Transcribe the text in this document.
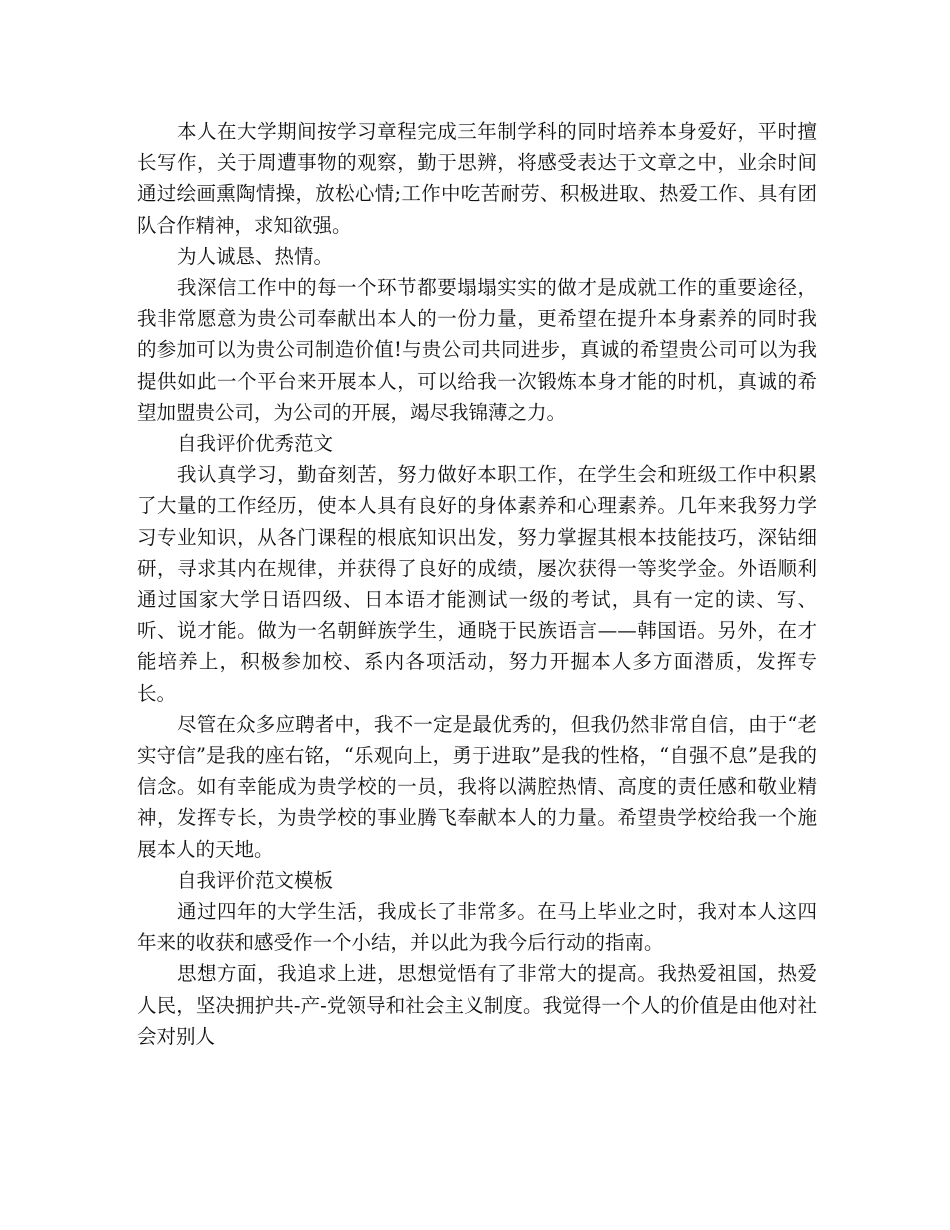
本人在大学期间按学习章程完成三年制学科的同时培养本身爱好，平时擅长写作，关于周遭事物的观察，勤于思辨，将感受表达于文章之中，业余时间通过绘画熏陶情操，放松心情;工作中吃苦耐劳、积极进取、热爱工作、具有团队合作精神，求知欲强。

为人诚恳、热情。

我深信工作中的每一个环节都要塌塌实实的做才是成就工作的重要途径，我非常愿意为贵公司奉献出本人的一份力量，更希望在提升本身素养的同时我的参加可以为贵公司制造价值!与贵公司共同进步，真诚的希望贵公司可以为我提供如此一个平台来开展本人，可以给我一次锻炼本身才能的时机，真诚的希望加盟贵公司，为公司的开展，竭尽我锦薄之力。

自我评价优秀范文

我认真学习，勤奋刻苦，努力做好本职工作，在学生会和班级工作中积累了大量的工作经历，使本人具有良好的身体素养和心理素养。几年来我努力学习专业知识，从各门课程的根底知识出发，努力掌握其根本技能技巧，深钻细研，寻求其内在规律，并获得了良好的成绩，屡次获得一等奖学金。外语顺利通过国家大学日语四级、日本语才能测试一级的考试，具有一定的读、写、听、说才能。做为一名朝鲜族学生，通晓于民族语言——韩国语。另外，在才能培养上，积极参加校、系内各项活动，努力开掘本人多方面潜质，发挥专长。

尽管在众多应聘者中，我不一定是最优秀的，但我仍然非常自信，由于“老实守信”是我的座右铭，“乐观向上，勇于进取”是我的性格，“自强不息”是我的信念。如有幸能成为贵学校的一员，我将以满腔热情、高度的责任感和敬业精神，发挥专长，为贵学校的事业腾飞奉献本人的力量。希望贵学校给我一个施展本人的天地。

自我评价范文模板

通过四年的大学生活，我成长了非常多。在马上毕业之时，我对本人这四年来的收获和感受作一个小结，并以此为我今后行动的指南。

思想方面，我追求上进，思想觉悟有了非常大的提高。我热爱祖国，热爱人民，坚决拥护共-产-党领导和社会主义制度。我觉得一个人的价值是由他对社会对别人
